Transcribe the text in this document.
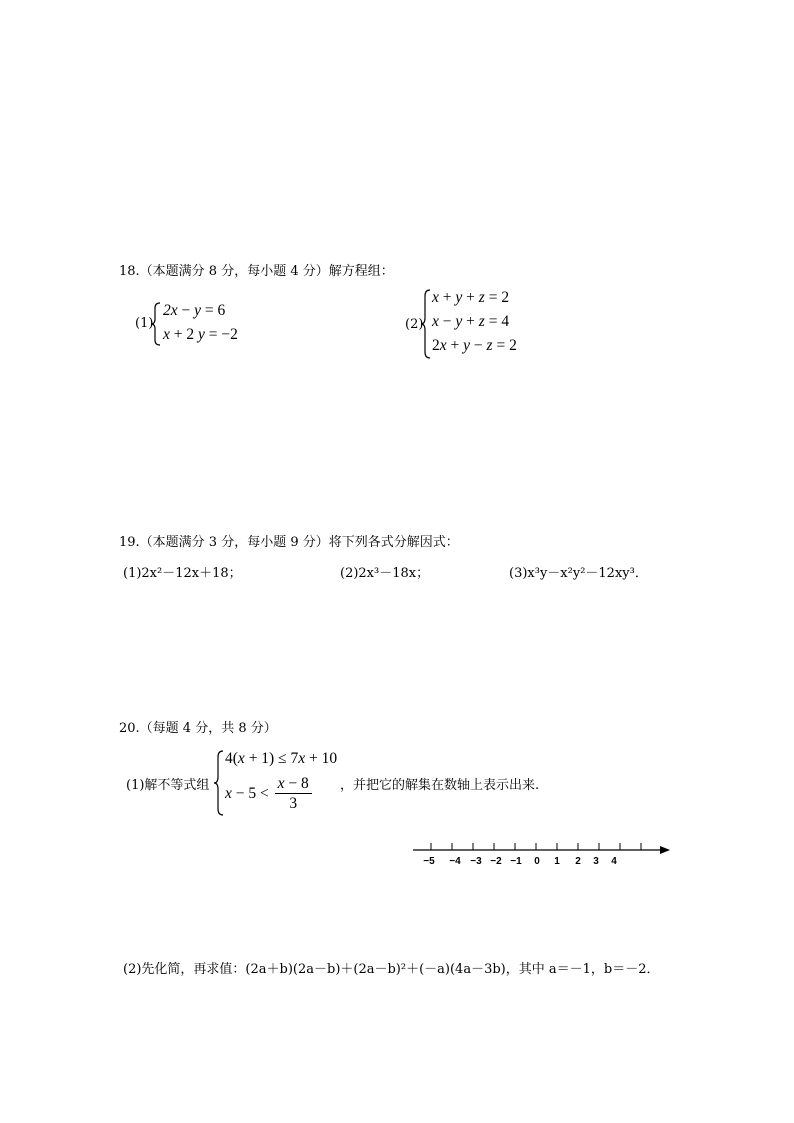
18.（本题满分 8 分，每小题 4 分）解方程组：
(1)
2x − y = 6
x + 2 y = −2
(2)
x + y + z = 2
x − y + z = 4
2x + y − z = 2
19.（本题满分 3 分，每小题 9 分）将下列各式分解因式：
(1)2x²－12x＋18；	(2)2x³－18x；	(3)x³y－x²y²－12xy³．
20.（每题 4 分，共 8 分）
(1)解不等式组
4(x + 1) ≤ 7x + 10
$x - 5 < \frac{x - 8}{3}$ ，并把它的解集在数轴上表示出来.
−5 −4 −3 −2 −1 0 1 2 3 4
(2)先化简，再求值：(2a＋b)(2a－b)＋(2a－b)²＋(－a)(4a－3b)，其中 a＝－1，b＝－2．
